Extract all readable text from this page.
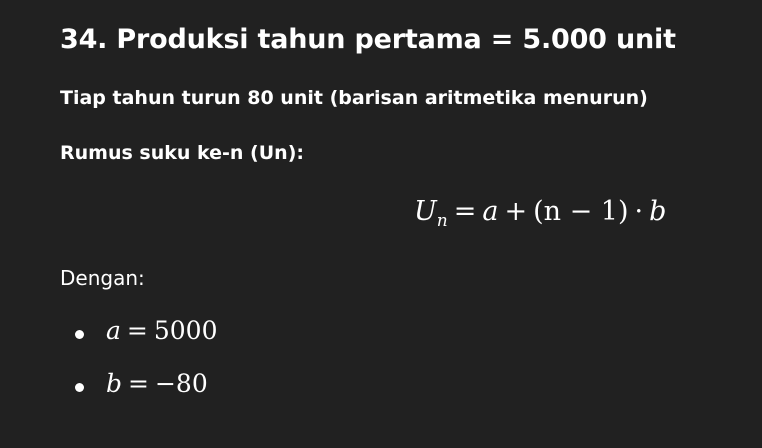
34. Produksi tahun pertama = 5.000 unit
Tiap tahun turun 80 unit (barisan aritmetika menurun)
Rumus suku ke-n (Un):
$U_n = a + (n - 1) \cdot b$
Dengan:
a = 5000
b = −80
